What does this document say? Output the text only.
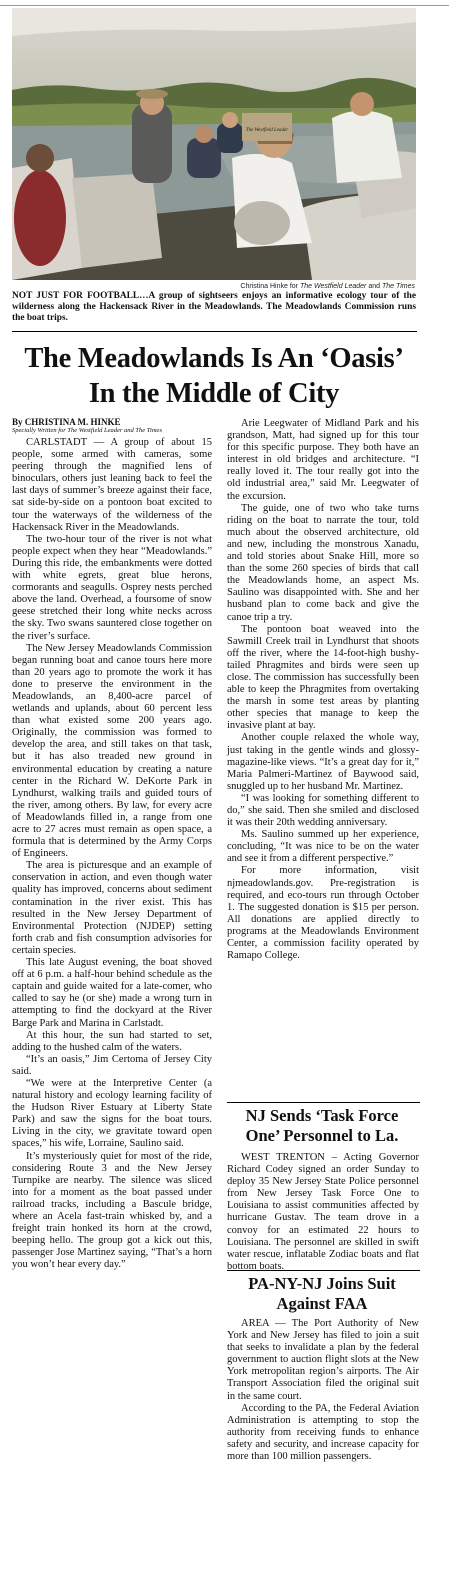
The Westfield Leader
Christina Hinke for The Westfield Leader and The Times
NOT JUST FOR FOOTBALL…A group of sightseers enjoys an informative ecology tour of the wilderness along the Hackensack River in the Meadowlands. The Meadowlands Commission runs the boat trips.
The Meadowlands Is An ‘Oasis’ In the Middle of City

By CHRISTINA M. HINKE

Specially Written for The Westfield Leader and The Times

CARLSTADT — A group of about 15 people, some armed with cameras, some peering through the magnified lens of binoculars, others just leaning back to feel the last days of summer’s breeze against their face, sat side-by-side on a pontoon boat excited to tour the waterways of the wilderness of the Hackensack River in the Meadowlands.

The two-hour tour of the river is not what people expect when they hear “Meadowlands.” During this ride, the embankments were dotted with white egrets, great blue herons, cormorants and seagulls. Osprey nests perched above the land. Overhead, a foursome of snow geese stretched their long white necks across the sky. Two swans sauntered close together on the river’s surface.

The New Jersey Meadowlands Commission began running boat and canoe tours here more than 20 years ago to promote the work it has done to preserve the environment in the Meadowlands, an 8,400-acre parcel of wetlands and uplands, about 60 percent less than what existed some 200 years ago. Originally, the commission was formed to develop the area, and still takes on that task, but it has also treaded new ground in environmental education by creating a nature center in the Richard W. DeKorte Park in Lyndhurst, walking trails and guided tours of the river, among others. By law, for every acre of Meadowlands filled in, a range from one acre to 27 acres must remain as open space, a formula that is determined by the Army Corps of Engineers.

The area is picturesque and an example of conservation in action, and even though water quality has improved, concerns about sediment contamination in the river exist. This has resulted in the New Jersey Department of Environmental Protection (NJDEP) setting forth crab and fish consumption advisories for certain species.

This late August evening, the boat shoved off at 6 p.m. a half-hour behind schedule as the captain and guide waited for a late-comer, who called to say he (or she) made a wrong turn in attempting to find the dockyard at the River Barge Park and Marina in Carlstadt.

At this hour, the sun had started to set, adding to the hushed calm of the waters.

“It’s an oasis,” Jim Certoma of Jersey City said.

“We were at the Interpretive Center (a natural history and ecology learning facility of the Hudson River Estuary at Liberty State Park) and saw the signs for the boat tours. Living in the city, we gravitate toward open spaces,” his wife, Lorraine, Saulino said.

It’s mysteriously quiet for most of the ride, considering Route 3 and the New Jersey Turnpike are nearby. The silence was sliced into for a moment as the boat passed under railroad tracks, including a Bascule bridge, where an Acela fast-train whisked by, and a freight train honked its horn at the crowd, beeping hello. The group got a kick out this, passenger Jose Martinez saying, “That’s a horn you won’t hear every day.”

Arie Leegwater of Midland Park and his grandson, Matt, had signed up for this tour for this specific purpose. They both have an interest in old bridges and architecture. “I really loved it. The tour really got into the old industrial area,” said Mr. Leegwater of the excursion.

The guide, one of two who take turns riding on the boat to narrate the tour, told much about the observed architecture, old and new, including the monstrous Xanadu, and told stories about Snake Hill, more so than the some 260 species of birds that call the Meadowlands home, an aspect Ms. Saulino was disappointed with. She and her husband plan to come back and give the canoe trip a try.

The pontoon boat weaved into the Sawmill Creek trail in Lyndhurst that shoots off the river, where the 14-foot-high bushy-tailed Phragmites and birds were seen up close. The commission has successfully been able to keep the Phragmites from overtaking the marsh in some test areas by planting other species that manage to keep the invasive plant at bay.

Another couple relaxed the whole way, just taking in the gentle winds and glossy-magazine-like views. “It’s a great day for it,” Maria Palmeri-Martinez of Baywood said, snuggled up to her husband Mr. Martinez.

“I was looking for something different to do,” she said. Then she smiled and disclosed it was their 20th wedding anniversary.

Ms. Saulino summed up her experience, concluding, “It was nice to be on the water and see it from a different perspective.”

For more information, visit njmeadowlands.gov. Pre-registration is required, and eco-tours run through October 1. The suggested donation is $15 per person. All donations are applied directly to programs at the Meadowlands Environment Center, a commission facility operated by Ramapo College.

NJ Sends ‘Task Force One’ Personnel to La.

WEST TRENTON – Acting Governor Richard Codey signed an order Sunday to deploy 35 New Jersey State Police personnel from New Jersey Task Force One to Louisiana to assist communities affected by hurricane Gustav. The team drove in a convoy for an estimated 22 hours to Louisiana. The personnel are skilled in swift water rescue, inflatable Zodiac boats and flat bottom boats.

PA-NY-NJ Joins Suit Against FAA

AREA — The Port Authority of New York and New Jersey has filed to join a suit that seeks to invalidate a plan by the federal government to auction flight slots at the New York metropolitan region’s airports. The Air Transport Association filed the original suit in the same court.

According to the PA, the Federal Aviation Administration is attempting to stop the authority from receiving funds to enhance safety and security, and increase capacity for more than 100 million passengers.
